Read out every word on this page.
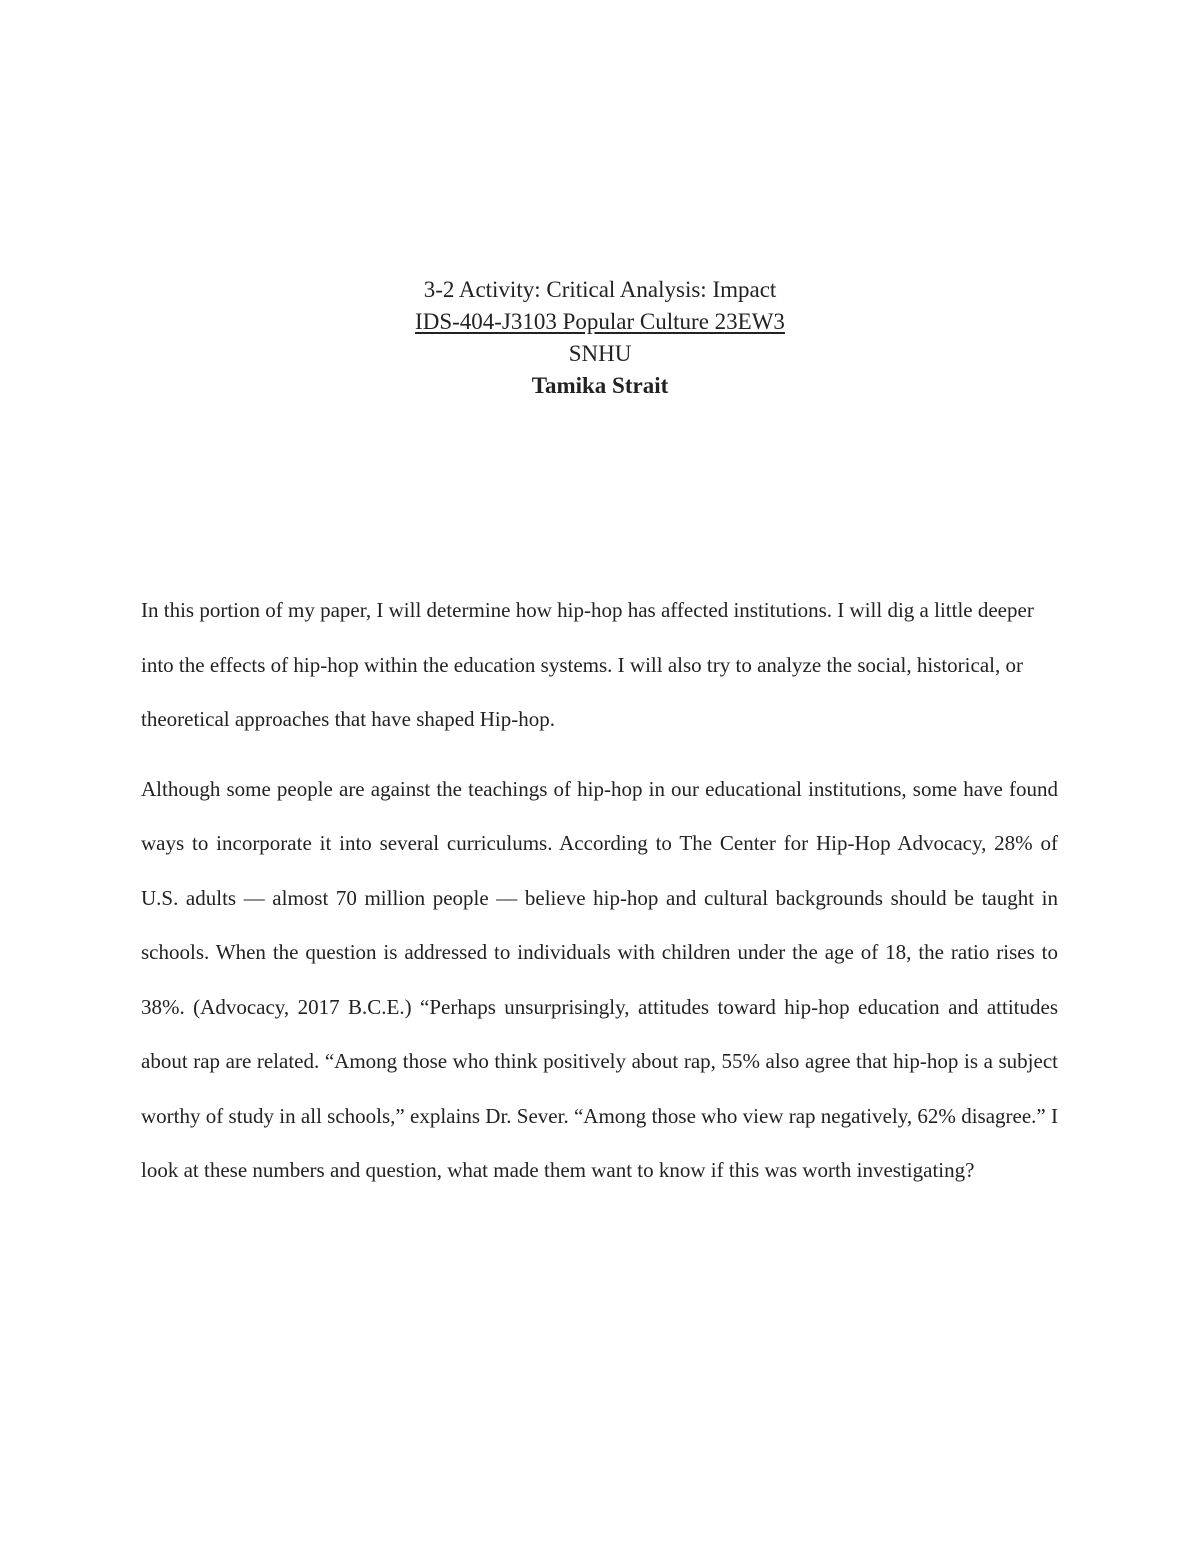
3-2 Activity: Critical Analysis: Impact
IDS-404-J3103 Popular Culture 23EW3
SNHU
Tamika Strait

In this portion of my paper, I will determine how hip-hop has affected institutions. I will dig a little deeper into the effects of hip-hop within the education systems. I will also try to analyze the social, historical, or theoretical approaches that have shaped Hip-hop.

Although some people are against the teachings of hip-hop in our educational institutions, some have found ways to incorporate it into several curriculums. According to The Center for Hip-Hop Advocacy, 28% of U.S. adults — almost 70 million people — believe hip-hop and cultural backgrounds should be taught in schools. When the question is addressed to individuals with children under the age of 18, the ratio rises to 38%. (Advocacy, 2017 B.C.E.) “Perhaps unsurprisingly, attitudes toward hip-hop education and attitudes about rap are related. “Among those who think positively about rap, 55% also agree that hip-hop is a subject worthy of study in all schools,” explains Dr. Sever. “Among those who view rap negatively, 62% disagree.” I look at these numbers and question, what made them want to know if this was worth investigating?
